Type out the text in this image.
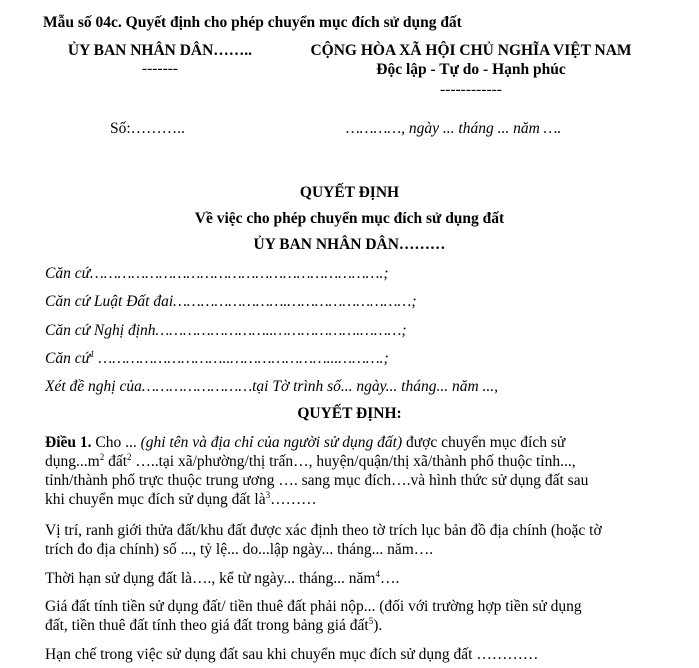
Mẫu số 04c. Quyết định cho phép chuyển mục đích sử dụng đất
ỦY BAN NHÂN DÂN……..
-------
CỘNG HÒA XÃ HỘI CHỦ NGHĨA VIỆT NAM
Độc lập - Tự do - Hạnh phúc
------------
Số:………..	…………, ngày ... tháng ... năm ….
QUYẾT ĐỊNH
Về việc cho phép chuyển mục đích sử dụng đất
ỦY BAN NHÂN DÂN………
Căn cứ……………………………………………………….;
Căn cứ Luật Đất đai…………………….………………………;
Căn cứ Nghị định……………………..……………….………;
Căn cứ$^1$ ………………………..…………………...……….;
Xét đề nghị của……………………tại Tờ trình số... ngày... tháng... năm ...,
QUYẾT ĐỊNH:
Điều 1. Cho ... (ghi tên và địa chỉ của người sử dụng đất) được chuyển mục đích sử
$dụng...m^2$ đất$^2$ …..tại xã/phường/thị trấn…, huyện/quận/thị xã/thành phố thuộc tỉnh...,
tỉnh/thành phố trực thuộc trung ương …. sang mục đích….và hình thức sử dụng đất sau
khi chuyển mục đích sử dụng đất $là^3\dots\dots\dots$
Vị trí, ranh giới thửa đất/khu đất được xác định theo tờ trích lục bản đồ địa chính (hoặc tờ
trích đo địa chính) số ..., tỷ lệ... do...lập ngày... tháng... năm….
Thời hạn sử dụng đất là…., kể từ ngày... tháng... năm$^4$….
Giá đất tính tiền sử dụng đất/ tiền thuê đất phải nộp... (đối với trường hợp tiền sử dụng
đất, tiền thuê đất tính theo giá đất trong bảng giá đất$^5$).
Hạn chế trong việc sử dụng đất sau khi chuyển mục đích sử dụng đất …………
